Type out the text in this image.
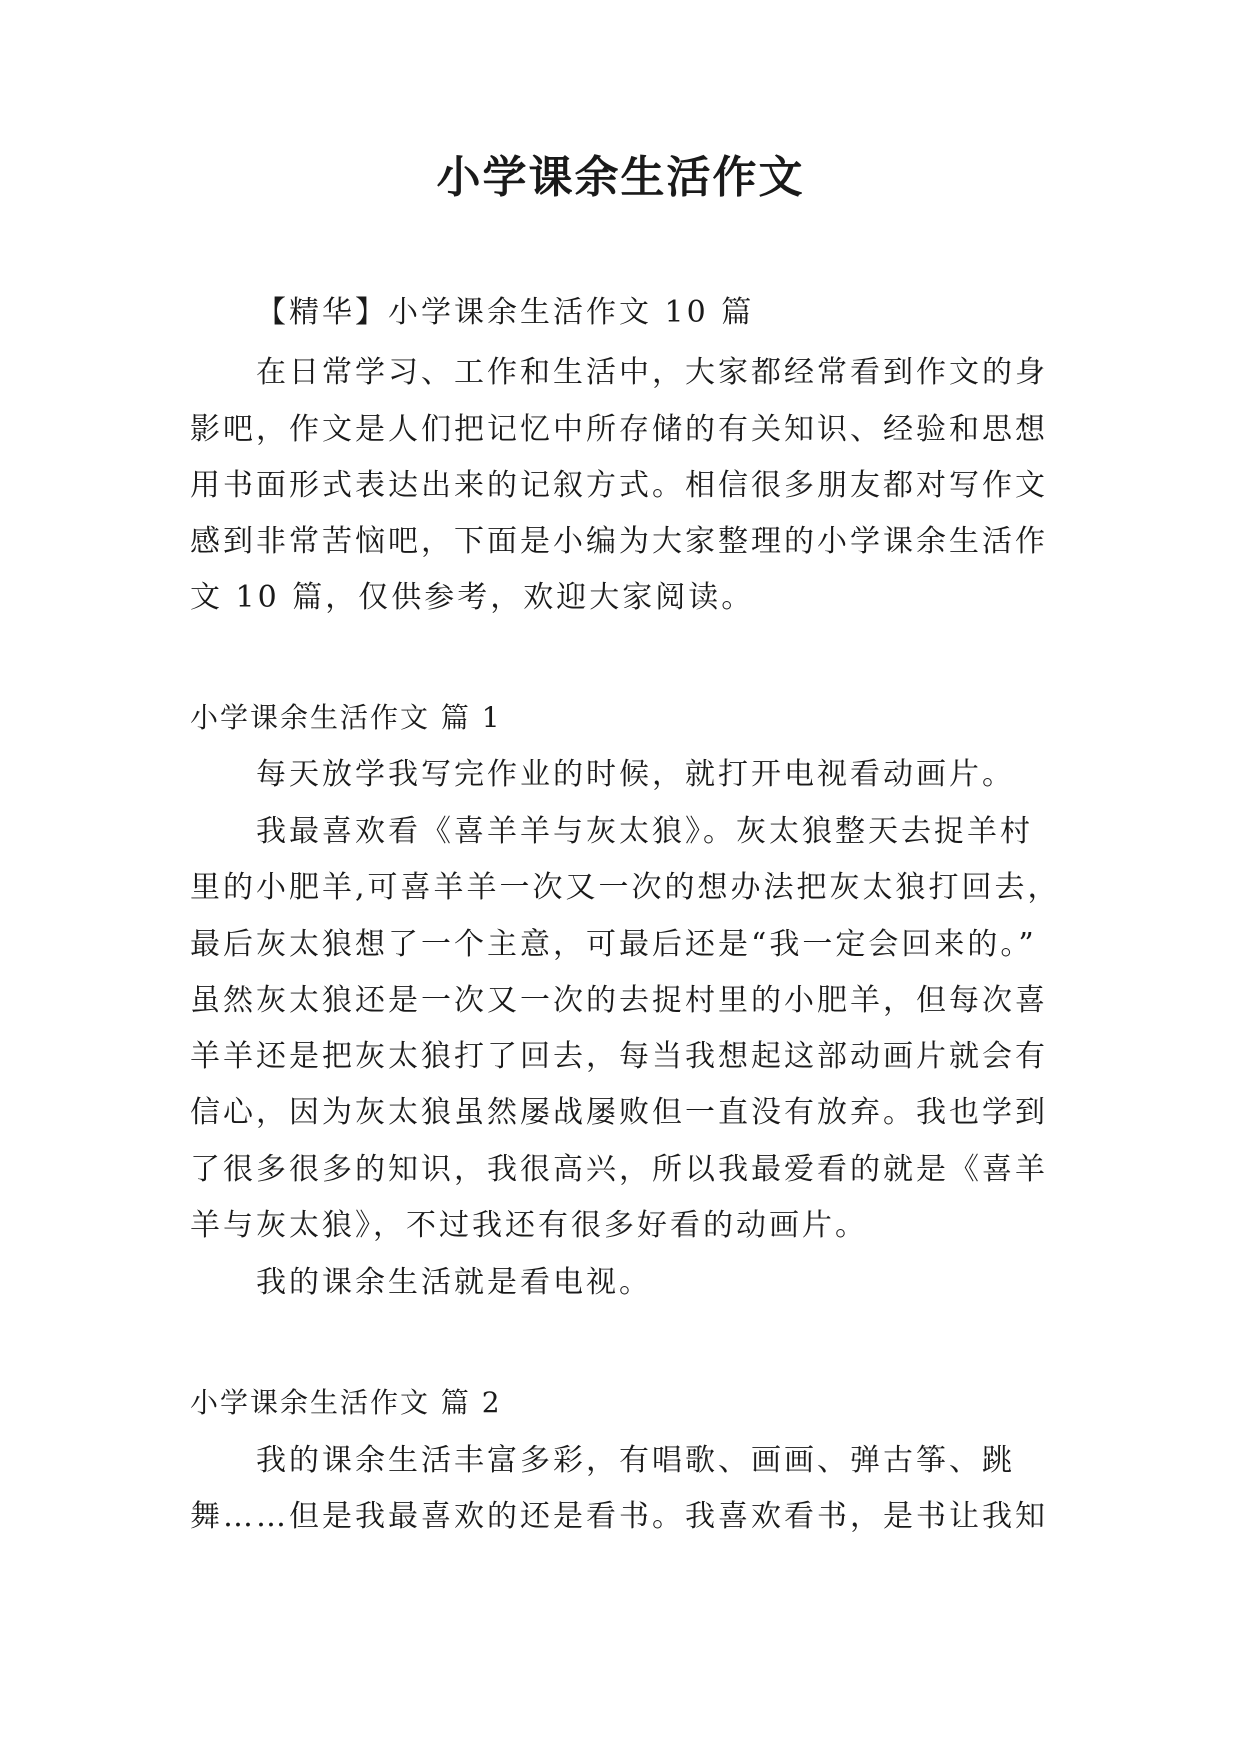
小学课余生活作文
【精华】小学课余生活作文 10 篇
在日常学习、工作和生活中，大家都经常看到作文的身
影吧，作文是人们把记忆中所存储的有关知识、经验和思想
用书面形式表达出来的记叙方式。相信很多朋友都对写作文
感到非常苦恼吧，下面是小编为大家整理的小学课余生活作
文 10 篇，仅供参考，欢迎大家阅读。
小学课余生活作文 篇 1
每天放学我写完作业的时候，就打开电视看动画片。
我最喜欢看《喜羊羊与灰太狼》。灰太狼整天去捉羊村
里的小肥羊,可喜羊羊一次又一次的想办法把灰太狼打回去，
最后灰太狼想了一个主意，可最后还是“我一定会回来的。”
虽然灰太狼还是一次又一次的去捉村里的小肥羊，但每次喜
羊羊还是把灰太狼打了回去，每当我想起这部动画片就会有
信心，因为灰太狼虽然屡战屡败但一直没有放弃。我也学到
了很多很多的知识，我很高兴，所以我最爱看的就是《喜羊
羊与灰太狼》，不过我还有很多好看的动画片。
我的课余生活就是看电视。
小学课余生活作文 篇 2
我的课余生活丰富多彩，有唱歌、画画、弹古筝、跳
舞……但是我最喜欢的还是看书。我喜欢看书，是书让我知
